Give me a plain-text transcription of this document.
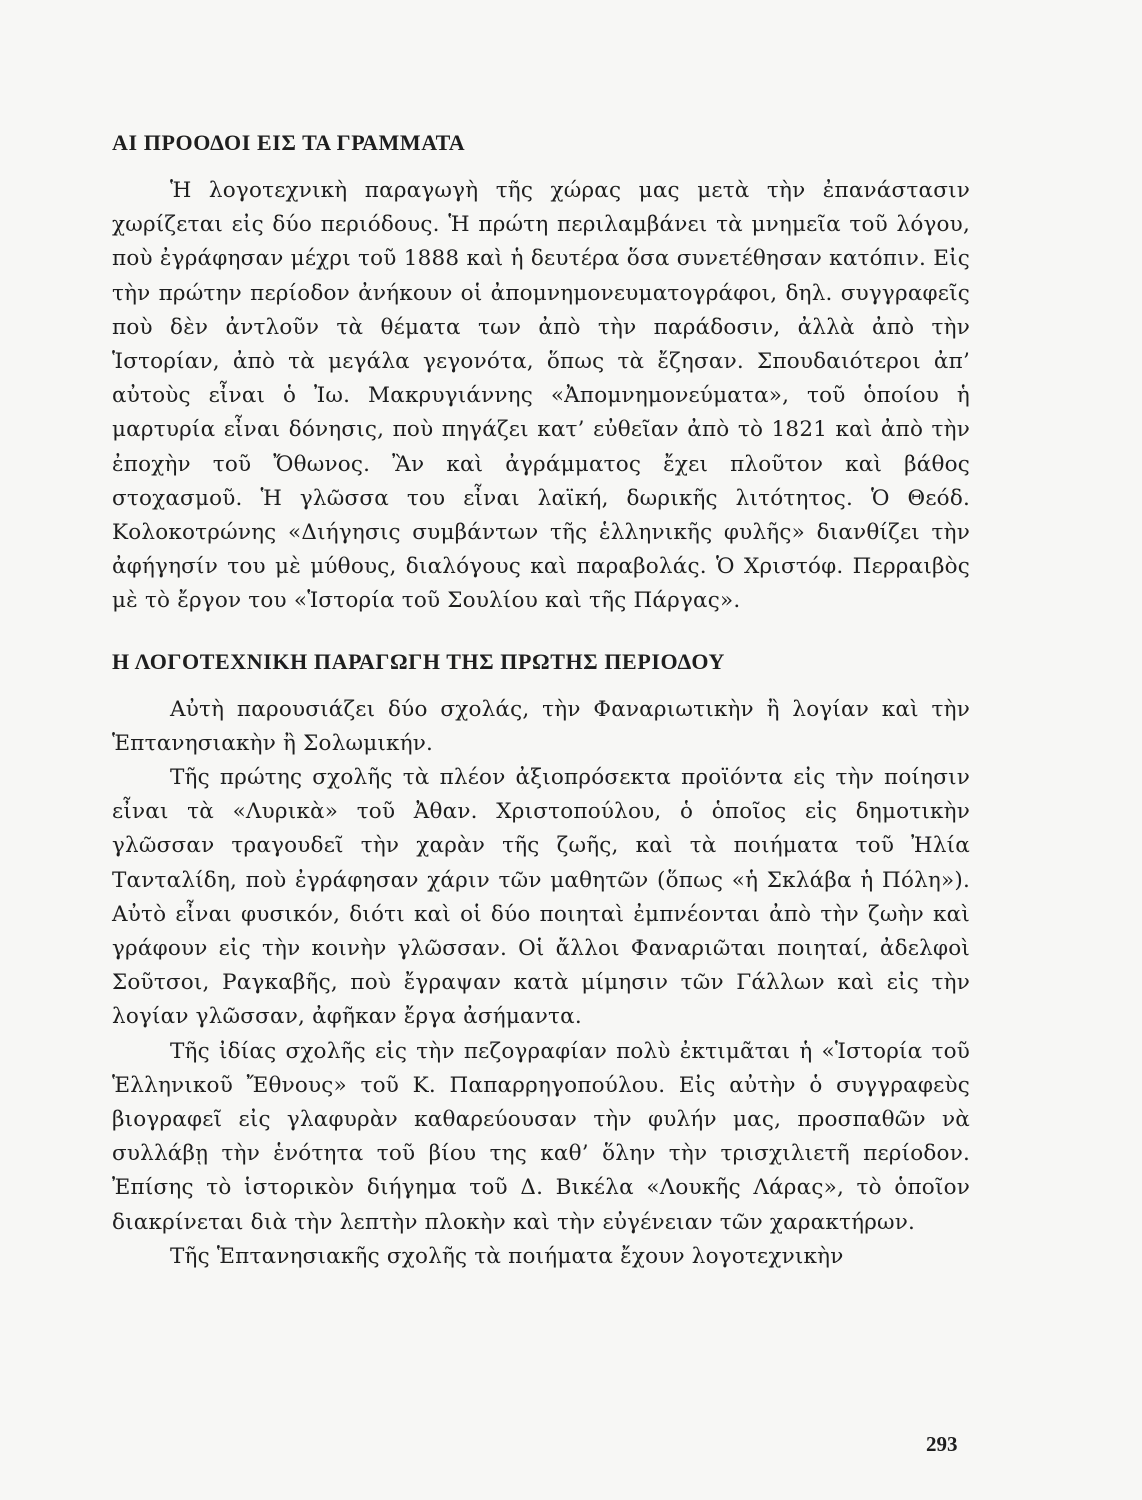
ΑΙ ΠΡΟΟΔΟΙ ΕΙΣ ΤΑ ΓΡΑΜΜΑΤΑ

Ἡ λογοτεχνικὴ παραγωγὴ τῆς χώρας μας μετὰ τὴν ἐπανάστασιν χωρίζεται εἰς δύο περιόδους. Ἡ πρώτη περιλαμβάνει τὰ μνημεῖα τοῦ λόγου, ποὺ ἐγράφησαν μέχρι τοῦ 1888 καὶ ἡ δευτέρα ὅσα συνετέθησαν κατόπιν. Εἰς τὴν πρώτην περίοδον ἀνήκουν οἱ ἀπομνημονευματογράφοι, δηλ. συγγραφεῖς ποὺ δὲν ἀντλοῦν τὰ θέματα των ἀπὸ τὴν παράδοσιν, ἀλλὰ ἀπὸ τὴν Ἱστορίαν, ἀπὸ τὰ μεγάλα γεγονότα, ὅπως τὰ ἔζησαν. Σπουδαιότεροι ἀπ’ αὐτοὺς εἶναι ὁ Ἰω. Μακρυγιάννης «Ἀπομνημονεύματα», τοῦ ὁποίου ἡ μαρτυρία εἶναι δόνησις, ποὺ πηγάζει κατ’ εὐθεῖαν ἀπὸ τὸ 1821 καὶ ἀπὸ τὴν ἐποχὴν τοῦ Ὄθωνος. Ἂν καὶ ἀγράμματος ἔχει πλοῦτον καὶ βάθος στοχασμοῦ. Ἡ γλῶσσα του εἶναι λαϊκή, δωρικῆς λιτότητος. Ὁ Θεόδ. Κολοκοτρώνης «Διήγησις συμβάντων τῆς ἑλληνικῆς φυλῆς» διανθίζει τὴν ἀφήγησίν του μὲ μύθους, διαλόγους καὶ παραβολάς. Ὁ Χριστόφ. Περραιβὸς μὲ τὸ ἔργον του «Ἱστορία τοῦ Σουλίου καὶ τῆς Πάργας».

Η ΛΟΓΟΤΕΧΝΙΚΗ ΠΑΡΑΓΩΓΗ ΤΗΣ ΠΡΩΤΗΣ ΠΕΡΙΟΔΟΥ

Αὐτὴ παρουσιάζει δύο σχολάς, τὴν Φαναριωτικὴν ἢ λογίαν καὶ τὴν Ἑπτανησιακὴν ἢ Σολωμικήν.

Τῆς πρώτης σχολῆς τὰ πλέον ἀξιοπρόσεκτα προϊόντα εἰς τὴν ποίησιν εἶναι τὰ «Λυρικὰ» τοῦ Ἀθαν. Χριστοπούλου, ὁ ὁποῖος εἰς δημοτικὴν γλῶσσαν τραγουδεῖ τὴν χαρὰν τῆς ζωῆς, καὶ τὰ ποιήματα τοῦ Ἠλία Τανταλίδη, ποὺ ἐγράφησαν χάριν τῶν μαθητῶν (ὅπως «ἡ Σκλάβα ἡ Πόλη»). Αὐτὸ εἶναι φυσικόν, διότι καὶ οἱ δύο ποιηταὶ ἐμπνέονται ἀπὸ τὴν ζωὴν καὶ γράφουν εἰς τὴν κοινὴν γλῶσσαν. Οἱ ἄλλοι Φαναριῶται ποιηταί, ἀδελφοὶ Σοῦτσοι, Ραγκαβῆς, ποὺ ἔγραψαν κατὰ μίμησιν τῶν Γάλλων καὶ εἰς τὴν λογίαν γλῶσσαν, ἀφῆκαν ἔργα ἀσήμαντα.

Τῆς ἰδίας σχολῆς εἰς τὴν πεζογραφίαν πολὺ ἐκτιμᾶται ἡ «Ἱστορία τοῦ Ἑλληνικοῦ Ἔθνους» τοῦ Κ. Παπαρρηγοπούλου. Εἰς αὐτὴν ὁ συγγραφεὺς βιογραφεῖ εἰς γλαφυρὰν καθαρεύουσαν τὴν φυλήν μας, προσπαθῶν νὰ συλλάβῃ τὴν ἑνότητα τοῦ βίου της καθ’ ὅλην τὴν τρισχιλιετῆ περίοδον. Ἐπίσης τὸ ἱστορικὸν διήγημα τοῦ Δ. Βικέλα «Λουκῆς Λάρας», τὸ ὁποῖον διακρίνεται διὰ τὴν λεπτὴν πλοκὴν καὶ τὴν εὐγένειαν τῶν χαρακτήρων.

Τῆς Ἑπτανησιακῆς σχολῆς τὰ ποιήματα ἔχουν λογοτεχνικὴν

293
